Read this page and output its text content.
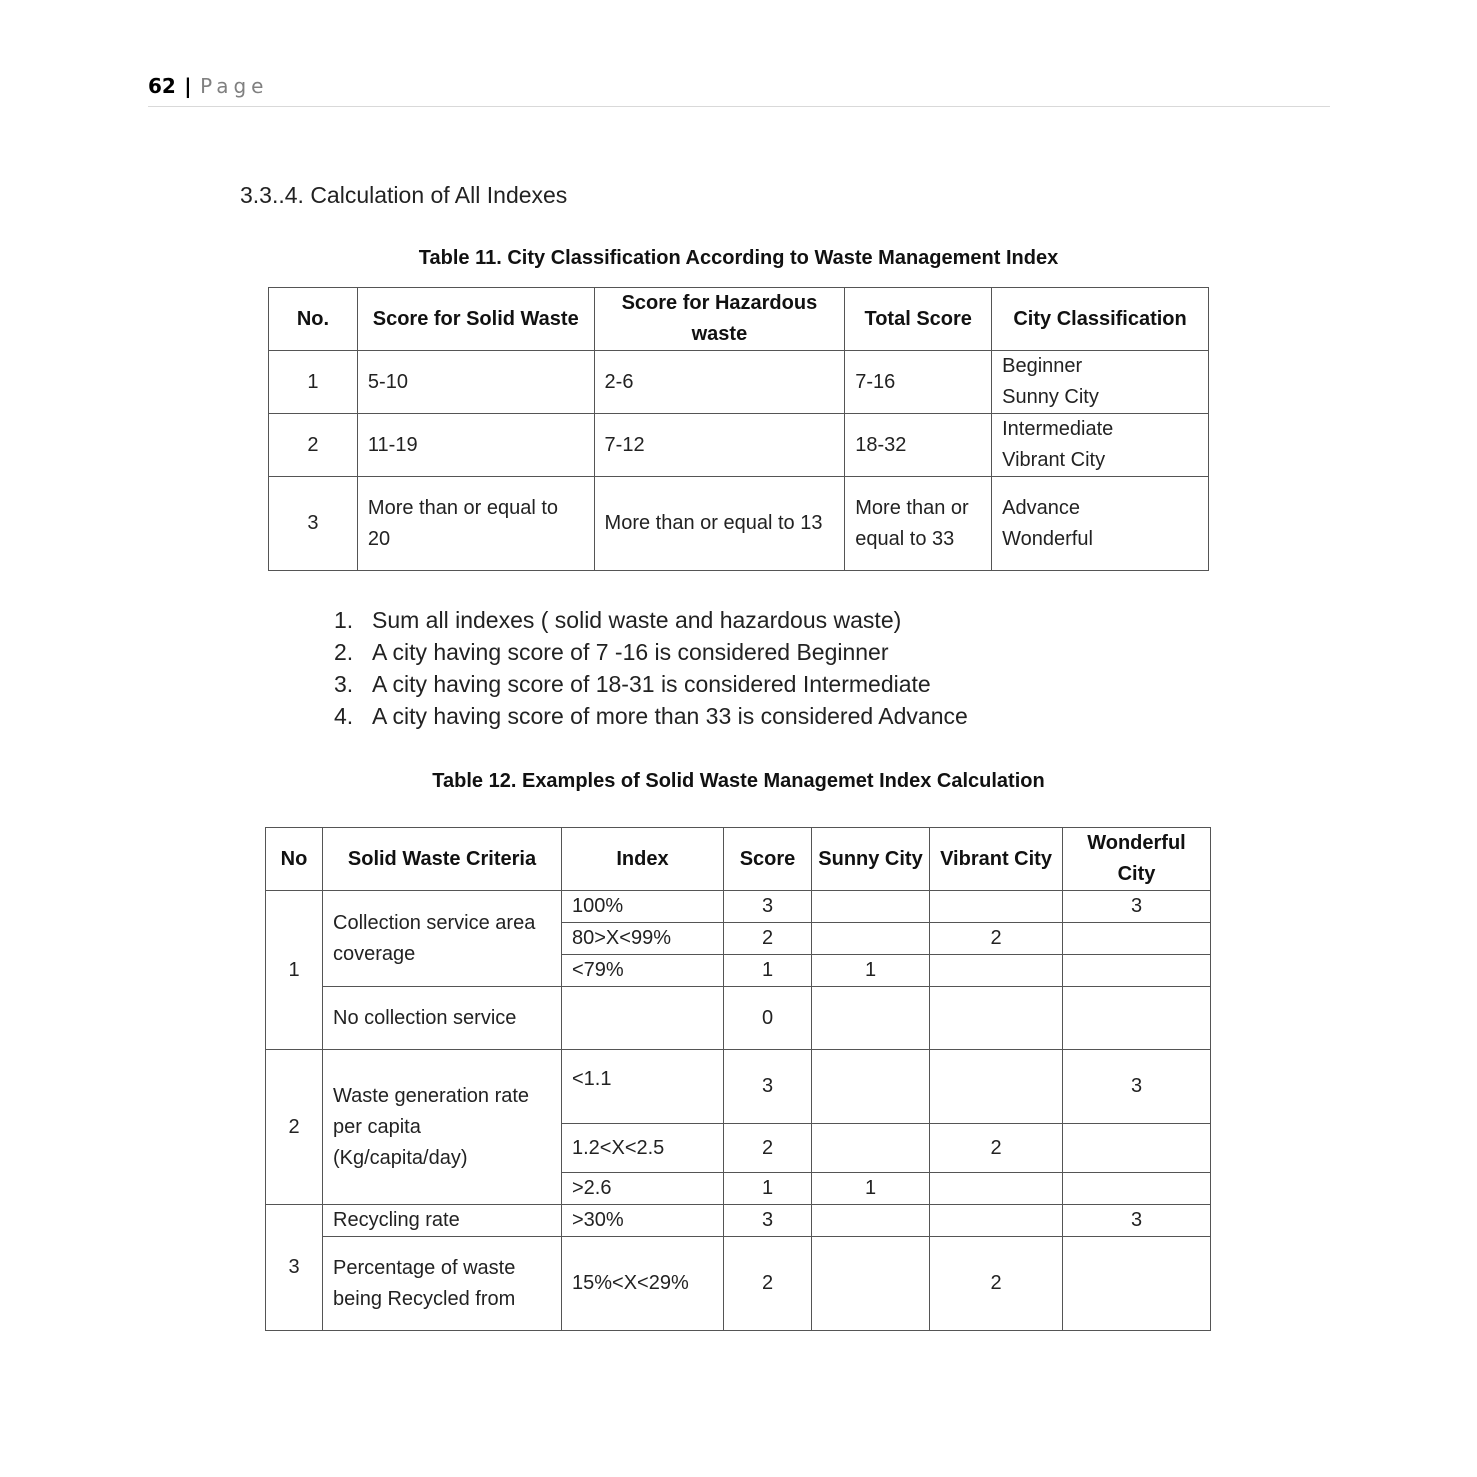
62 | Page
3.3..4. Calculation of All Indexes
Table 11. City Classification According to Waste Management Index
No.	Score for Solid Waste	Score for Hazardous waste	Total Score	City Classification
1	5-10	2-6	7-16	Beginner
Sunny City

2	11-19	7-12	18-32	Intermediate
Vibrant City

3	More than or equal to 20	More than or equal to 13	More than or equal to 33	Advance
Wonderful
1. Sum all indexes ( solid waste and hazardous waste)
2. A city having score of 7 -16 is considered Beginner
3. A city having score of 18-31 is considered Intermediate
4. A city having score of more than 33 is considered Advance
Table 12. Examples of Solid Waste Managemet Index Calculation
No	Solid Waste Criteria	Index	Score	Sunny City	Vibrant City	Wonderful City
1	Collection service area coverage	100%	3			3
		80>X<99%	2		2	
		<79%	1	1		
	No collection service		0			
2	Waste generation rate per capita (Kg/capita/day)	<1.1	3			3
		1.2<X<2.5	2		2	
		>2.6	1	1		
3	Recycling rate	>30%	3			3
	Percentage of waste being Recycled from	15%<X<29%	2		2	
